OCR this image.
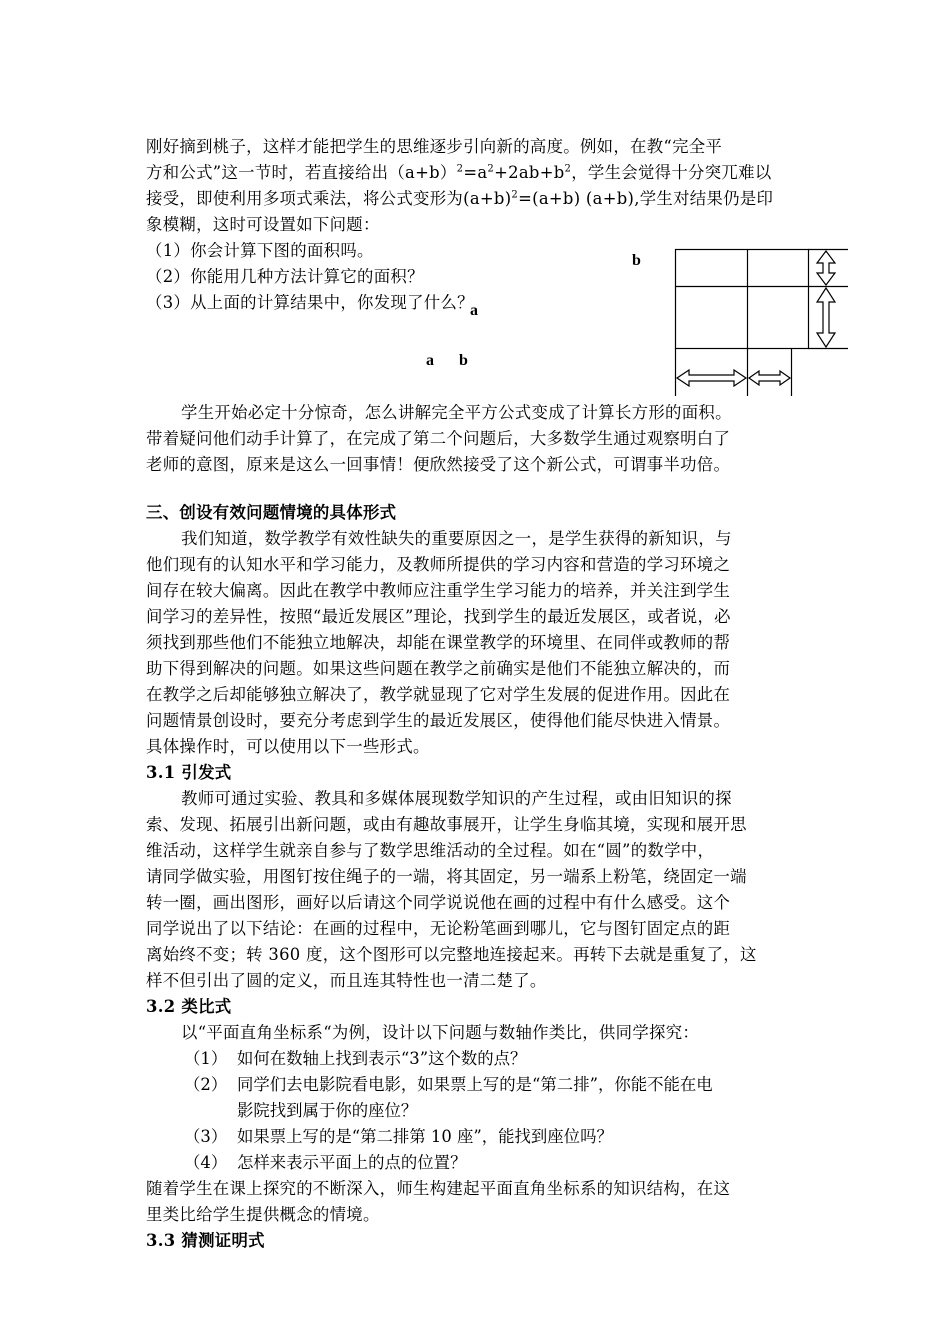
刚好摘到桃子，这样才能把学生的思维逐步引向新的高度。例如，在教“完全平
方和公式”这一节时，若直接给出$(a+b)^2=a^2+2ab+b^2$，学生会觉得十分突兀难以
接受，即使利用多项式乘法，将公式变形为$(a+b)^2=(a+b)$ (a+b),学生对结果仍是印
象模糊，这时可设置如下问题：
（1）你会计算下图的面积吗。
（2）你能用几种方法计算它的面积？
（3）从上面的计算结果中，你发现了什么？
b
a
a b
学生开始必定十分惊奇，怎么讲解完全平方公式变成了计算长方形的面积。
带着疑问他们动手计算了，在完成了第二个问题后，大多数学生通过观察明白了
老师的意图，原来是这么一回事情！便欣然接受了这个新公式，可谓事半功倍。
三、创设有效问题情境的具体形式
我们知道，数学教学有效性缺失的重要原因之一，是学生获得的新知识，与
他们现有的认知水平和学习能力，及教师所提供的学习内容和营造的学习环境之
间存在较大偏离。因此在教学中教师应注重学生学习能力的培养，并关注到学生
间学习的差异性，按照“最近发展区”理论，找到学生的最近发展区，或者说，必
须找到那些他们不能独立地解决，却能在课堂教学的环境里、在同伴或教师的帮
助下得到解决的问题。如果这些问题在教学之前确实是他们不能独立解决的，而
在教学之后却能够独立解决了，教学就显现了它对学生发展的促进作用。因此在
问题情景创设时，要充分考虑到学生的最近发展区，使得他们能尽快进入情景。
具体操作时，可以使用以下一些形式。
3.1 引发式
教师可通过实验、教具和多媒体展现数学知识的产生过程，或由旧知识的探
索、发现、拓展引出新问题，或由有趣故事展开，让学生身临其境，实现和展开思
维活动，这样学生就亲自参与了数学思维活动的全过程。如在“圆”的数学中，
请同学做实验，用图钉按住绳子的一端，将其固定，另一端系上粉笔，绕固定一端
转一圈，画出图形，画好以后请这个同学说说他在画的过程中有什么感受。这个
同学说出了以下结论：在画的过程中，无论粉笔画到哪儿，它与图钉固定点的距
离始终不变；转 360 度，这个图形可以完整地连接起来。再转下去就是重复了，这
样不但引出了圆的定义，而且连其特性也一清二楚了。
3.2 类比式
以“平面直角坐标系“为例，设计以下问题与数轴作类比，供同学探究：
（1） 如何在数轴上找到表示“3”这个数的点？
（2） 同学们去电影院看电影，如果票上写的是“第二排”，你能不能在电
影院找到属于你的座位？
（3） 如果票上写的是“第二排第 10 座”，能找到座位吗？
（4） 怎样来表示平面上的点的位置？
随着学生在课上探究的不断深入，师生构建起平面直角坐标系的知识结构，在这
里类比给学生提供概念的情境。
3.3 猜测证明式
